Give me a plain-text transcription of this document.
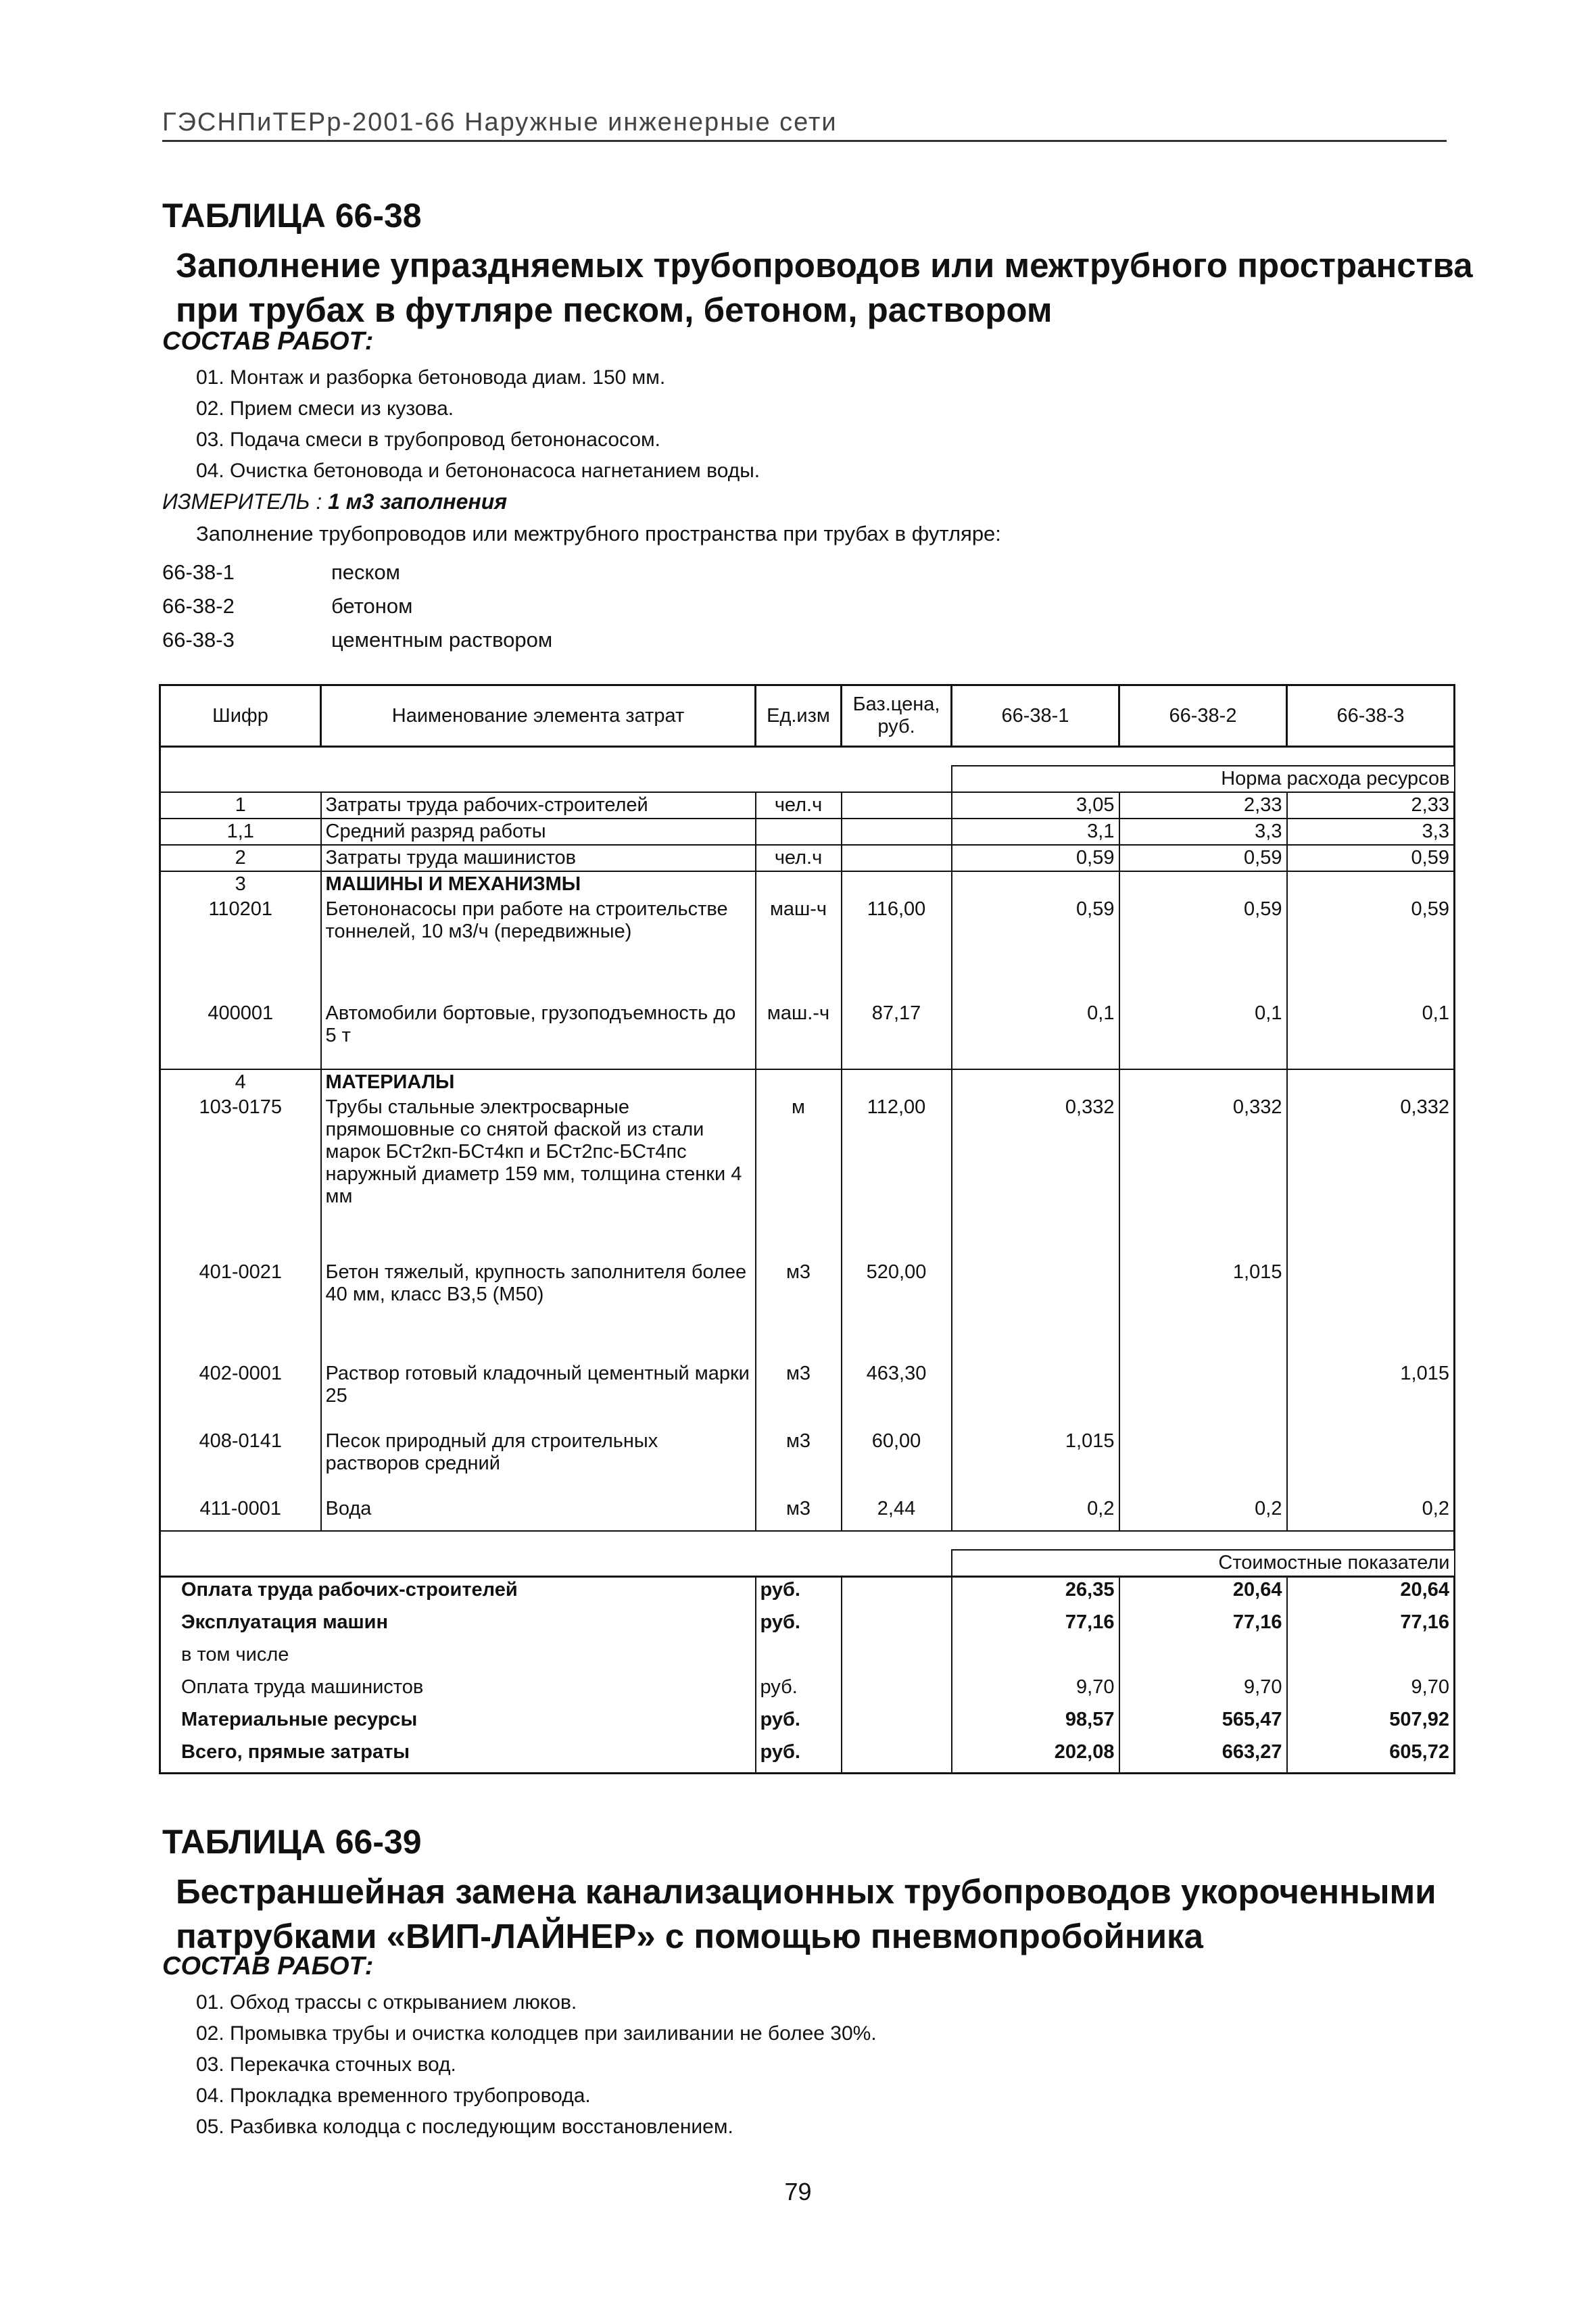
ГЭСНПиТЕРр-2001-66 Наружные инженерные сети
ТАБЛИЦА 66-38
Заполнение упраздняемых трубопроводов или межтрубного пространства
при трубах в футляре песком, бетоном, раствором
СОСТАВ РАБОТ:
01. Монтаж и разборка бетоновода диам. 150 мм.
02. Прием смеси из кузова.
03. Подача смеси в трубопровод бетононасосом.
04. Очистка бетоновода и бетононасоса нагнетанием воды.
ИЗМЕРИТЕЛЬ : 1 м3 заполнения
Заполнение трубопроводов или межтрубного пространства при трубах в футляре:
66-38-1	песком
66-38-2	бетоном
66-38-3	цементным раствором
Шифр	Наименование элемента затрат	Ед.изм	Баз.цена, руб.	66-38-1	66-38-2	66-38-3

				Норма расхода ресурсов		
1	Затраты труда рабочих-строителей	чел.ч		3,05	2,33	2,33
1,1	Средний разряд работы			3,1	3,3	3,3
2	Затраты труда машинистов	чел.ч		0,59	0,59	0,59
3	МАШИНЫ И МЕХАНИЗМЫ					
110201	Бетононасосы при работе на строительстве тоннелей, 10 м3/ч (передвижные)	маш-ч	116,00	0,59	0,59	0,59
400001	Автомобили бортовые, грузоподъемность до 5 т	маш.-ч	87,17	0,1	0,1	0,1
4	МАТЕРИАЛЫ					
103-0175	Трубы стальные электросварные прямошовные со снятой фаской из стали марок БСт2кп-БСт4кп и БСт2пс-БСт4пс наружный диаметр 159 мм, толщина стенки 4 мм	м	112,00	0,332	0,332	0,332
401-0021	Бетон тяжелый, крупность заполнителя более 40 мм, класс В3,5 (М50)	м3	520,00		1,015	
402-0001	Раствор готовый кладочный цементный марки 25	м3	463,30			1,015
408-0141	Песок природный для строительных растворов средний	м3	60,00	1,015		
411-0001	Вода	м3	2,44	0,2	0,2	0,2

				Стоимостные показатели		
Оплата труда рабочих-строителей		руб.		26,35	20,64	20,64
Эксплуатация машин		руб.		77,16	77,16	77,16
в том числе						
Оплата труда машинистов		руб.		9,70	9,70	9,70
Материальные ресурсы		руб.		98,57	565,47	507,92
Всего, прямые затраты		руб.		202,08	663,27	605,72
ТАБЛИЦА 66-39
Бестраншейная замена канализационных трубопроводов укороченными
патрубками «ВИП-ЛАЙНЕР» с помощью пневмопробойника
СОСТАВ РАБОТ:
01. Обход трассы с открыванием люков.
02. Промывка трубы и очистка колодцев при заиливании не более 30%.
03. Перекачка сточных вод.
04. Прокладка временного трубопровода.
05. Разбивка колодца с последующим восстановлением.
79
